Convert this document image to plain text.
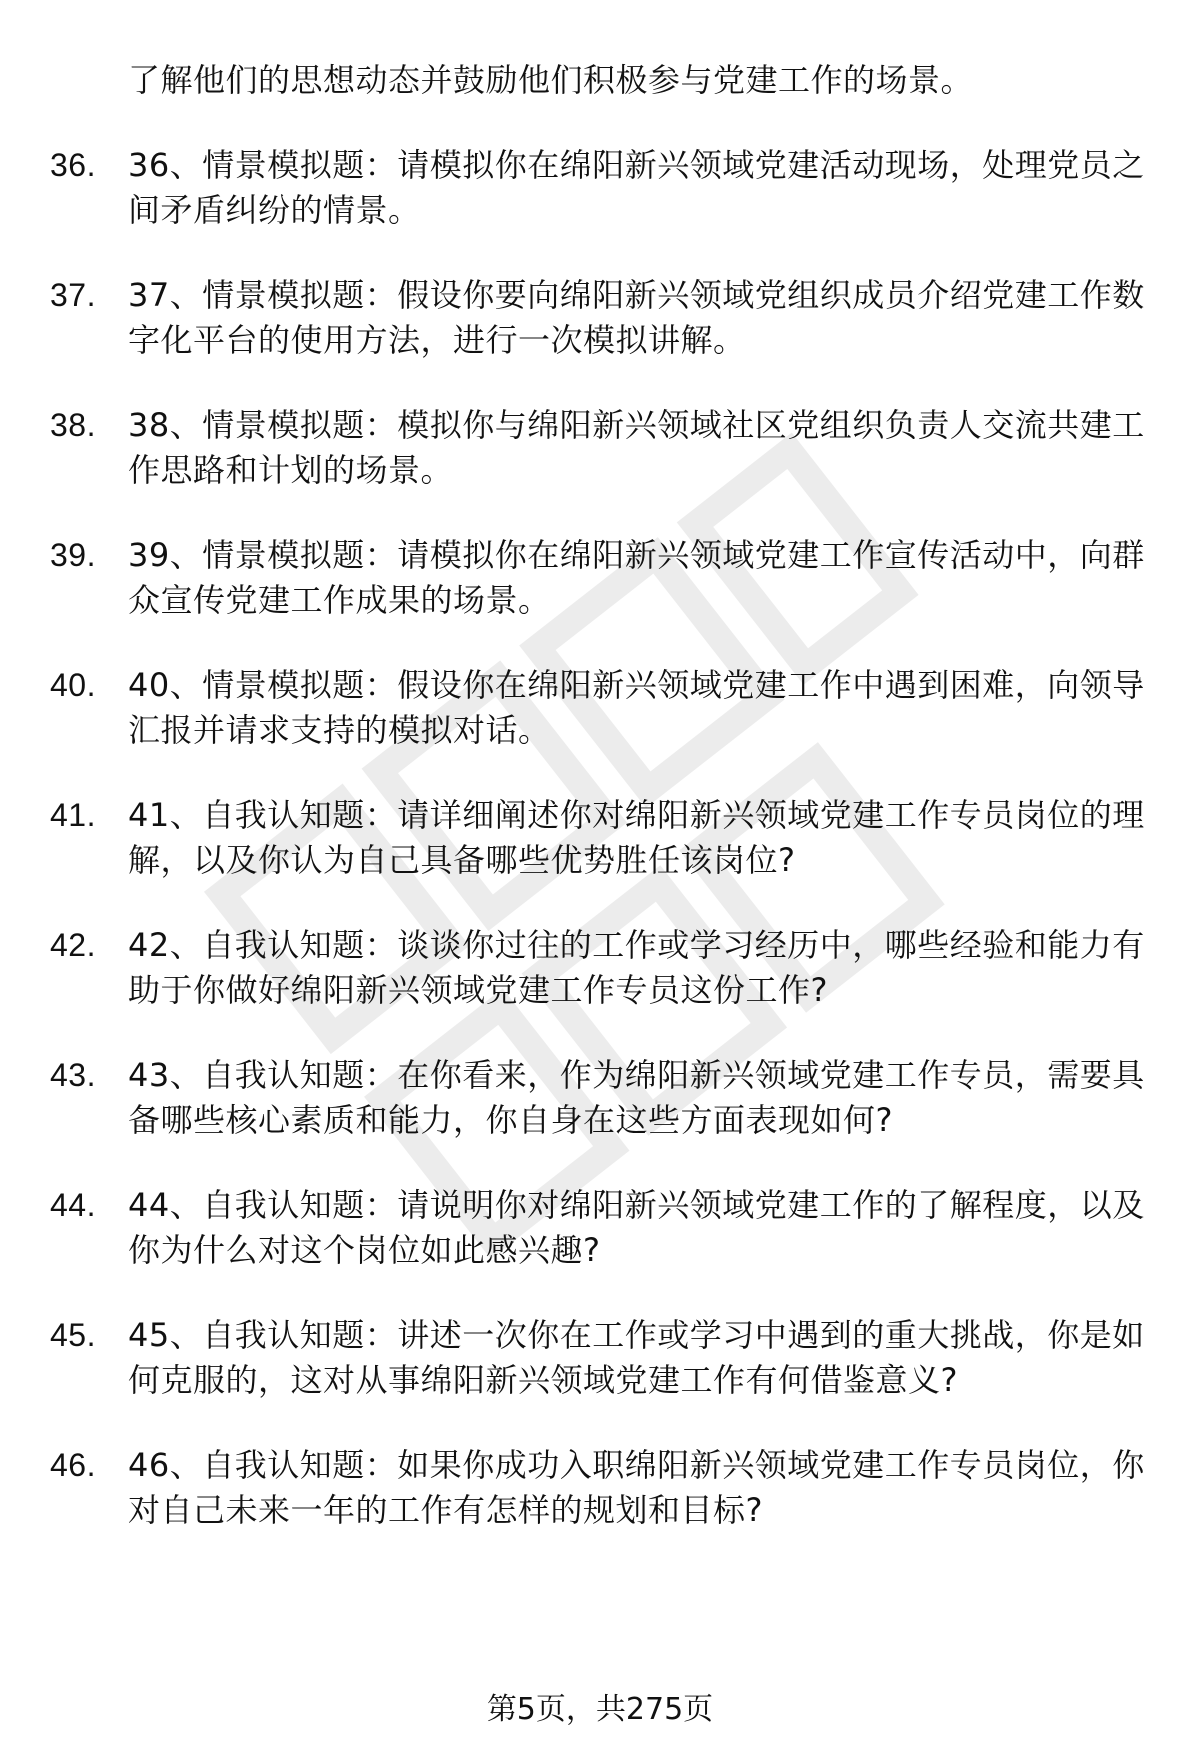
了解他们的思想动态并鼓励他们积极参与党建工作的场景。
36.	36、情景模拟题：请模拟你在绵阳新兴领域党建活动现场，处理党员之间矛盾纠纷的情景。
37.	37、情景模拟题：假设你要向绵阳新兴领域党组织成员介绍党建工作数字化平台的使用方法，进行一次模拟讲解。
38.	38、情景模拟题：模拟你与绵阳新兴领域社区党组织负责人交流共建工作思路和计划的场景。
39.	39、情景模拟题：请模拟你在绵阳新兴领域党建工作宣传活动中，向群众宣传党建工作成果的场景。
40.	40、情景模拟题：假设你在绵阳新兴领域党建工作中遇到困难，向领导汇报并请求支持的模拟对话。
41.	41、自我认知题：请详细阐述你对绵阳新兴领域党建工作专员岗位的理解，以及你认为自己具备哪些优势胜任该岗位?
42.	42、自我认知题：谈谈你过往的工作或学习经历中，哪些经验和能力有助于你做好绵阳新兴领域党建工作专员这份工作?
43.	43、自我认知题：在你看来，作为绵阳新兴领域党建工作专员，需要具备哪些核心素质和能力，你自身在这些方面表现如何?
44.	44、自我认知题：请说明你对绵阳新兴领域党建工作的了解程度，以及你为什么对这个岗位如此感兴趣?
45.	45、自我认知题：讲述一次你在工作或学习中遇到的重大挑战，你是如何克服的，这对从事绵阳新兴领域党建工作有何借鉴意义?
46.	46、自我认知题：如果你成功入职绵阳新兴领域党建工作专员岗位，你对自己未来一年的工作有怎样的规划和目标?
第5页，共275页
